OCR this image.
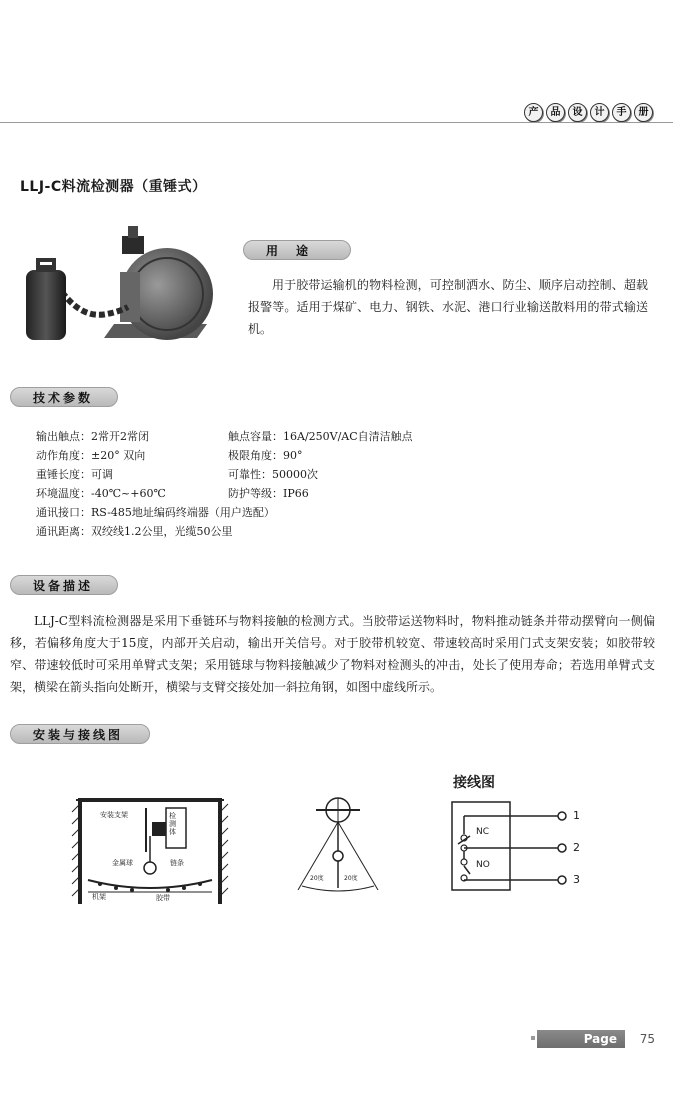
产	品	设	计	手	册
LLJ-C料流检测器（重锤式）
用　途
用于胶带运输机的物料检测，可控制洒水、防尘、顺序启动控制、超载报警等。适用于煤矿、电力、钢铁、水泥、港口行业输送散料用的带式输送机。
技术参数
输出触点：2常开2常闭	触点容量：16A/250V/AC自清洁触点
动作角度：±20° 双向	极限角度：90°
重锤长度：可调	可靠性：50000次
环境温度：-40℃~+60℃	防护等级：IP66
通讯接口：RS-485地址编码终端器（用户选配）
通讯距离：双绞线1.2公里，光缆50公里
设备描述
LLJ-C型料流检测器是采用下垂链环与物料接触的检测方式。当胶带运送物料时，物料推动链条并带动摆臂向一侧偏移，若偏移角度大于15度，内部开关启动，输出开关信号。对于胶带机较宽、带速较高时采用门式支架安装；如胶带较窄、带速较低时可采用单臂式支架；采用链球与物料接触减少了物料对检测头的冲击，处长了使用寿命；若选用单臂式支架，横梁在箭头指向处断开，横梁与支臂交接处加一斜拉角钢，如图中虚线所示。
安装与接线图
安装支架	检测体
金属球	链条
机架	胶带
20度	20度
接线图
NC
NO
1
2
3
Page	75
